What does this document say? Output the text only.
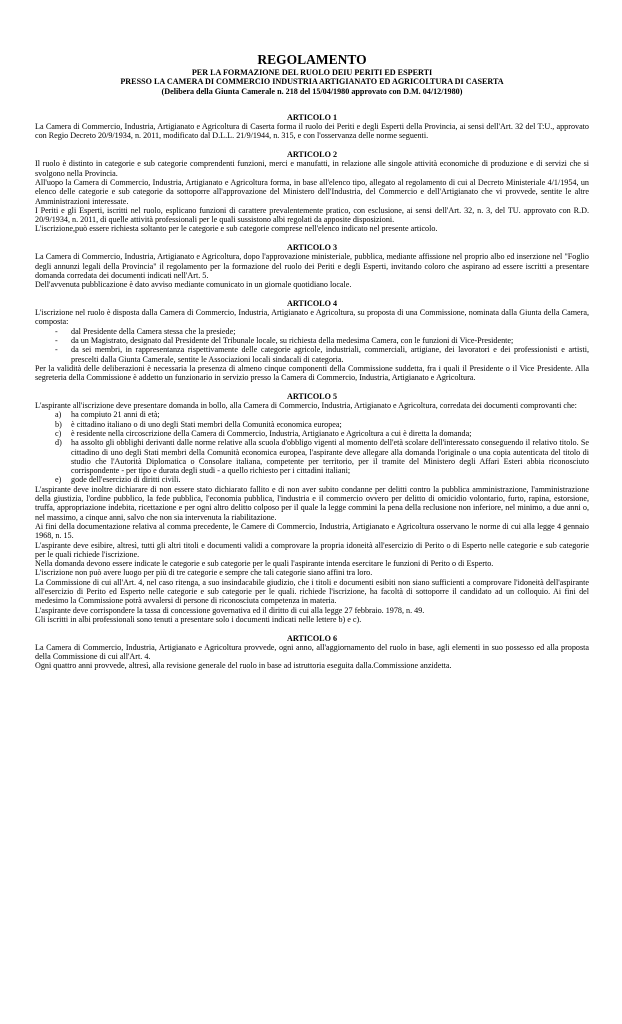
REGOLAMENTO
PER LA FORMAZIONE DEL RUOLO DEIU PERITI ED ESPERTI
PRESSO LA CAMERA DI COMMERCIO INDUSTRIA ARTIGIANATO ED AGRICOLTURA DI CASERTA
(Delibera della Giunta Camerale n. 218 del 15/04/1980 approvato con D.M. 04/12/1980)
ARTICOLO 1

La Camera di Commercio, Industria, Artigianato e Agricoltura di Caserta forma il ruolo dei Periti e degli Esperti della Provincia, ai sensi dell'Art. 32 del T:U., approvato con Regio Decreto 20/9/1934, n. 2011, modificato dal D.L.L. 21/9/1944, n. 315, e con l'osservanza delle norme seguenti.

ARTICOLO 2

Il ruolo è distinto in categorie e sub categorie comprendenti funzioni, merci e manufatti, in relazione alle singole attività economiche di produzione e di servizi che si svolgono nella Provincia.

All'uopo la Camera di Commercio, Industria, Artigianato e Agricoltura forma, in base all'elenco tipo, allegato al regolamento di cui al Decreto Ministeriale 4/1/1954, un elenco delle categorie e sub categorie da sottoporre all'approvazione del Ministero dell'Industria, del Commercio e dell'Artigianato che vi provvede, sentite le altre Amministrazioni interessate.

I Periti e gli Esperti, iscritti nel ruolo, esplicano funzioni di carattere prevalentemente pratico, con esclusione, ai sensi dell'Art. 32, n. 3, del TU. approvato con R.D. 20/9/1934, n. 2011, di quelle attività professionali per le quali sussistono albi regolati da apposite disposizioni.

L'iscrizione,può essere richiesta soltanto per le categorie e sub categorie comprese nell'elenco indicato nel presente articolo.

ARTICOLO 3

La Camera di Commercio, Industria, Artigianato e Agricoltura, dopo l'approvazione ministeriale, pubblica, mediante affissione nel proprio albo ed inserzione nel "Foglio degli annunzi legali della Provincia" il regolamento per la formazione del ruolo dei Periti e degli Esperti, invitando coloro che aspirano ad essere iscritti a presentare domanda corredata dei documenti indicati nell'Art. 5.

Dell'avvenuta pubblicazione è dato avviso mediante comunicato in un giornale quotidiano locale.

ARTICOLO 4

L'iscrizione nel ruolo è disposta dalla Camera di Commercio, Industria, Artigianato e Agricoltura, su proposta di una Commissione, nominata dalla Giunta della Camera, composta:

- dal Presidente della Camera stessa che la presiede;
- da un Magistrato, designato dal Presidente del Tribunale locale, su richiesta della medesima Camera, con le funzioni di Vice-Presidente;
- da sei membri, in rappresentanza rispettivamente delle categorie agricole, industriali, commerciali, artigiane, dei lavoratori e dei professionisti e artisti, prescelti dalla Giunta Camerale, sentite le Associazioni locali sindacali di categoria.

Per la validità delle deliberazioni è necessaria la presenza di almeno cinque componenti della Commissione suddetta, fra i quali il Presidente o il Vice Presidente. Alla segreteria della Commissione è addetto un funzionario in servizio presso la Camera di Commercio, Industria, Artigianato e Agricoltura.

ARTICOLO 5

L'aspirante all'iscrizione deve presentare domanda in bollo, alla Camera di Commercio, Industria, Artigianato e Agricoltura, corredata dei documenti comprovanti che:

a) ha compiuto 21 anni di età;
b) è cittadino italiano o di uno degli Stati membri della Comunità economica europea;
c) è residente nella circoscrizione della Camera di Commercio, Industria, Artigianato e Agricoltura a cui è diretta la domanda;
d) ha assolto gli obblighi derivanti dalle norme relative alla scuola d'obbligo vigenti al momento dell'età scolare dell'interessato conseguendo il relativo titolo. Se cittadino di uno degli Stati membri della Comunità economica europea, l'aspirante deve allegare alla domanda l'originale o una copia autenticata del titolo di studio che l'Autorità Diplomatica o Consolare italiana, competente per territorio, per il tramite del Ministero degli Affari Esteri abbia riconosciuto corrispondente - per tipo e durata degli studi - a quello richiesto per i cittadini italiani;
e) gode dell'esercizio di diritti civili.

L'aspirante deve inoltre dichiarare di non essere stato dichiarato fallito e di non aver subito condanne per delitti contro la pubblica amministrazione, l'amministrazione della giustizia, l'ordine pubblico, la fede pubblica, l'economia pubblica, l'industria e il commercio ovvero per delitto di omicidio volontario, furto, rapina, estorsione, truffa, appropriazione indebita, ricettazione e per ogni altro delitto colposo per il quale la legge commini la pena della reclusione non inferiore, nel minimo, a due anni o, nel massimo, a cinque anni, salvo che non sia intervenuta la riabilitazione.

Ai fini della documentazione relativa al comma precedente, le Camere di Commercio, Industria, Artigianato e Agricoltura osservano le norme di cui alla legge 4 gennaio 1968, n. 15.

L'aspirante deve esibire, altresì, tutti gli altri titoli e documenti validi a comprovare la propria idoneità all'esercizio di Perito o di Esperto nelle categorie e sub categorie per le quali richiede l'iscrizione.

Nella domanda devono essere indicate le categorie e sub categorie per le quali l'aspirante intenda esercitare le funzioni di Perito o di Esperto.

L'iscrizione non può avere luogo per più di tre categorie e sempre che tali categorie siano affini tra loro.

La Commissione di cui all'Art. 4, nel caso ritenga, a suo insindacabile giudizio, che i titoli e documenti esibiti non siano sufficienti a comprovare l'idoneità dell'aspirante all'esercizio di Perito ed Esperto nelle categorie e sub categorie per le quali. richiede l'iscrizione, ha facoltà di sottoporre il candidato ad un colloquio. Ai fini del medesimo la Commissione potrà avvalersi di persone di riconosciuta competenza in materia.

L'aspirante deve corrispondere la tassa di concessione governativa ed il diritto di cui alla legge 27 febbraio. 1978, n. 49.

Gli iscritti in albi professionali sono tenuti a presentare solo i documenti indicati nelle lettere b) e c).

ARTICOLO 6

La Camera di Commercio, Industria, Artigianato e Agricoltura provvede, ogni anno, all'aggiornamento del ruolo in base, agli elementi in suo possesso ed alla proposta della Commissione di cui all'Art. 4.

Ogni quattro anni provvede, altresì, alla revisione generale del ruolo in base ad istruttoria eseguita dalla.Commissione anzidetta.
